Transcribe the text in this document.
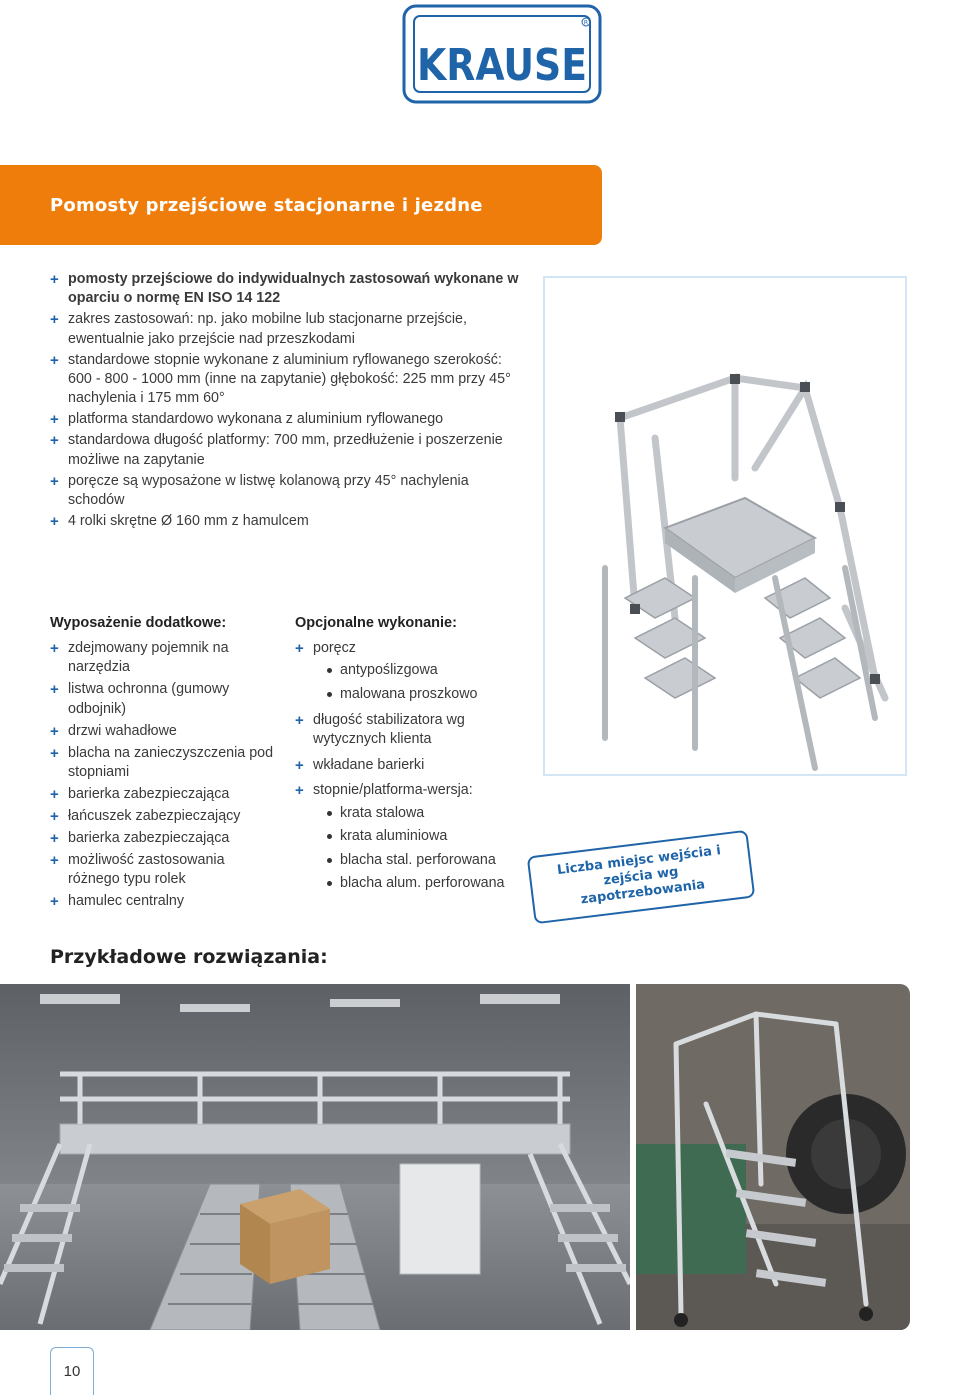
R
KRAUSE
Pomosty przejściowe stacjonarne i jezdne
+ pomosty przejściowe do indywidualnych zastosowań wykonane w oparciu o normę EN ISO 14 122
+ zakres zastosowań: np. jako mobilne lub stacjonarne przejście, ewentualnie jako przejście nad przeszkodami
+ standardowe stopnie wykonane z aluminium ryflowanego szerokość: 600 - 800 - 1000 mm (inne na zapytanie) głębokość: 225 mm przy 45° nachylenia i 175 mm 60°
+ platforma standardowo wykonana z aluminium ryflowanego
+ standardowa długość platformy: 700 mm, przedłużenie i poszerzenie możliwe na zapytanie
+ poręcze są wyposażone w listwę kolanową przy 45° nachylenia schodów
+ 4 rolki skrętne Ø 160 mm z hamulcem

Wyposażenie dodatkowe:

+ zdejmowany pojemnik na narzędzia
+ listwa ochronna (gumowy odbojnik)
+ drzwi wahadłowe
+ blacha na zanieczyszczenia pod stopniami
+ barierka zabezpieczająca
+ łańcuszek zabezpieczający
+ barierka zabezpieczająca
+ możliwość zastosowania różnego typu rolek
+ hamulec centralny

Opcjonalne wykonanie:

+ poręcz
antypoślizgowa
malowana proszkowo
+ długość stabilizatora wg wytycznych klienta
+ wkładane barierki
+ stopnie/platforma-wersja:
krata stalowa
krata aluminiowa
blacha stal. perforowana
blacha alum. perforowana
Liczba miejsc wejścia i zejścia wg zapotrzebowania
Przykładowe rozwiązania:
10
